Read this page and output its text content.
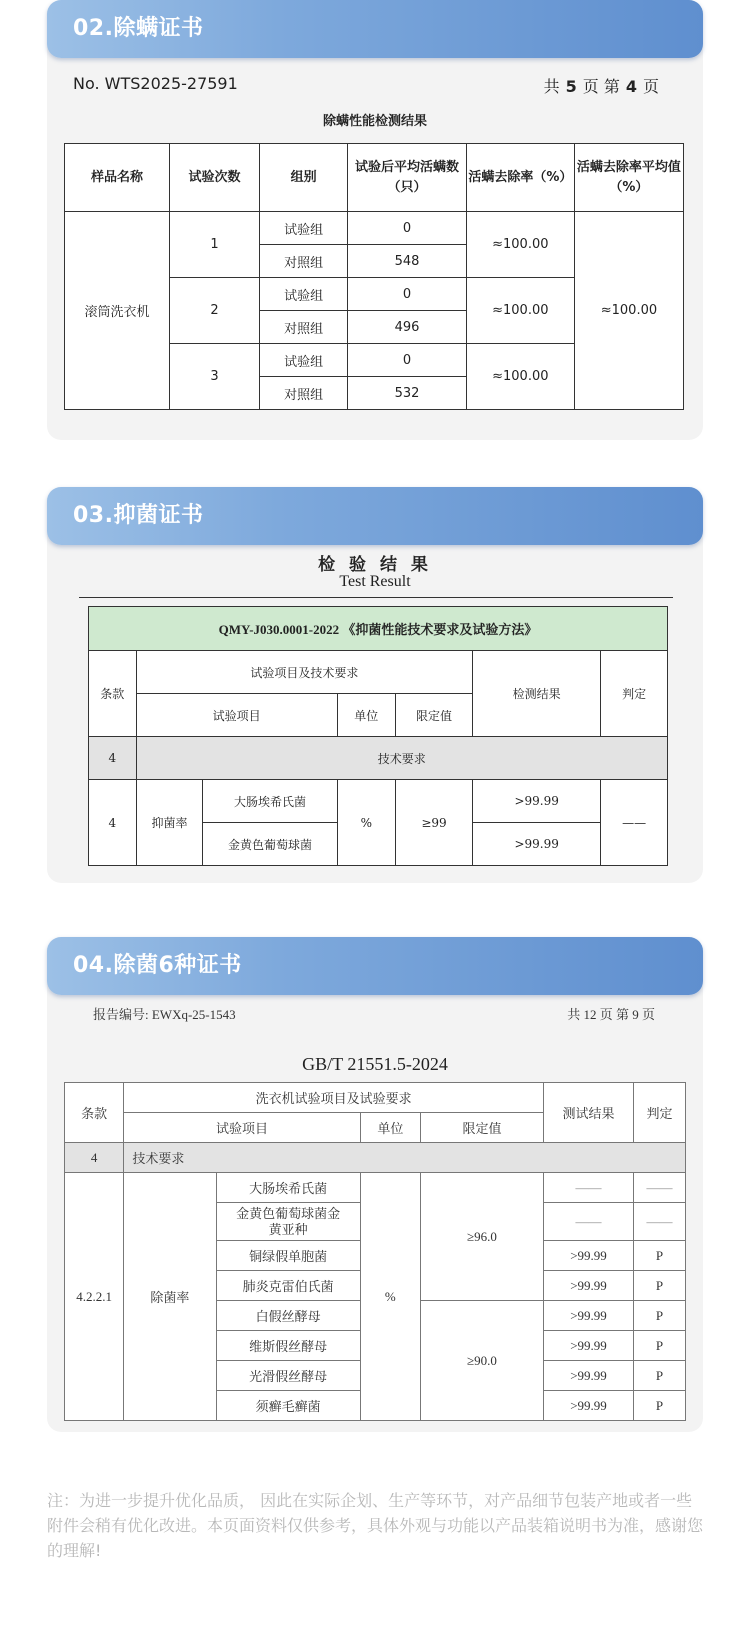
02.除螨证书
No. WTS2025-27591	共 5 页 第 4 页
除螨性能检测结果
样品名称	试验次数	组别	试验后平均活螨数（只）	活螨去除率（%）	活螨去除率平均值（%）
滚筒洗衣机	1	试验组	0	≈100.00	≈100.00
		对照组	548		
	2	试验组	0	≈100.00	
		对照组	496		
	3	试验组	0	≈100.00	
		对照组	532		
03.抑菌证书
检 验 结 果
Test Result
QMY-J030.0001-2022 《抑菌性能技术要求及试验方法》						
条款	试验项目及技术要求				检测结果	判定
	试验项目		单位	限定值		
4	技术要求					
4	抑菌率	大肠埃希氏菌	%	≥99	>99.99	——
		金黄色葡萄球菌			>99.99	
04.除菌6种证书
报告编号: EWXq-25-1543	共 12 页 第 9 页
GB/T 21551.5-2024
条款	洗衣机试验项目及试验要求				测试结果	判定
	试验项目		单位	限定值		
4	技术要求					
4.2.2.1	除菌率	大肠埃希氏菌	%	≥96.0	——	——
		金黄色葡萄球菌金黄亚种			——	——
		铜绿假单胞菌			>99.99	P
		肺炎克雷伯氏菌			>99.99	P
		白假丝酵母		≥90.0	>99.99	P
		维斯假丝酵母			>99.99	P
		光滑假丝酵母			>99.99	P
		须癣毛癣菌			>99.99	P
注：为进一步提升优化品质， 因此在实际企划、生产等环节，对产品细节包装产地或者一些附件会稍有优化改进。本页面资料仅供参考，具体外观与功能以产品装箱说明书为准，感谢您的理解!
